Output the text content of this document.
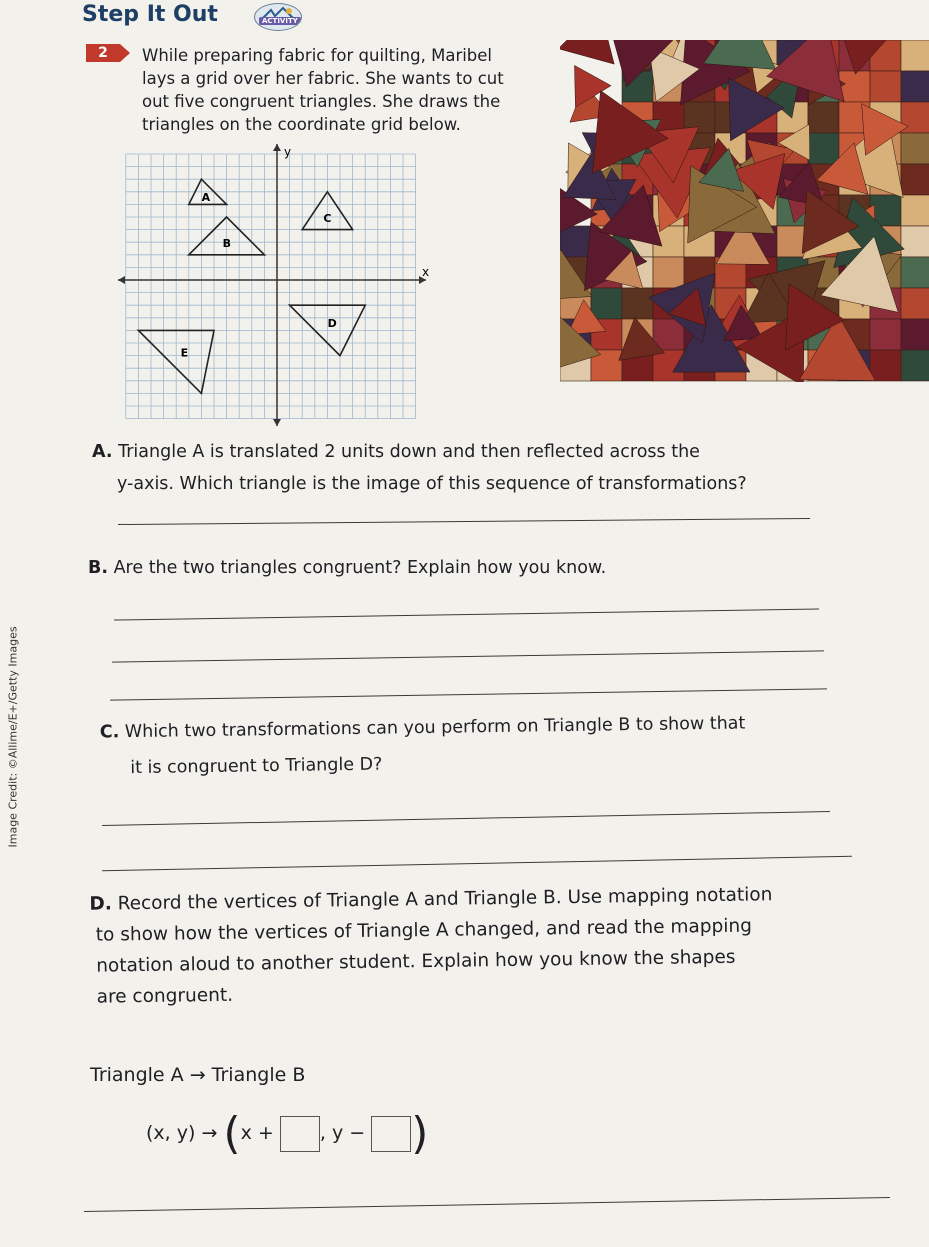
Step It Out	ACTIVITY
2	While preparing fabric for quilting, Maribel
lays a grid over her fabric. She wants to cut
out five congruent triangles. She draws the
triangles on the coordinate grid below.
x
y
A
B
C
D
E
A. Triangle A is translated 2 units down and then reflected across the
y-axis. Which triangle is the image of this sequence of transformations?
B. Are the two triangles congruent? Explain how you know.
C. Which two transformations can you perform on Triangle B to show that
it is congruent to Triangle D?
D. Record the vertices of Triangle A and Triangle B. Use mapping notation
to show how the vertices of Triangle A changed, and read the mapping
notation aloud to another student. Explain how you know the shapes
are congruent.
Triangle A → Triangle B
(x, y) → (x + , y − )
Image Credit: ©Allime/E+/Getty Images
